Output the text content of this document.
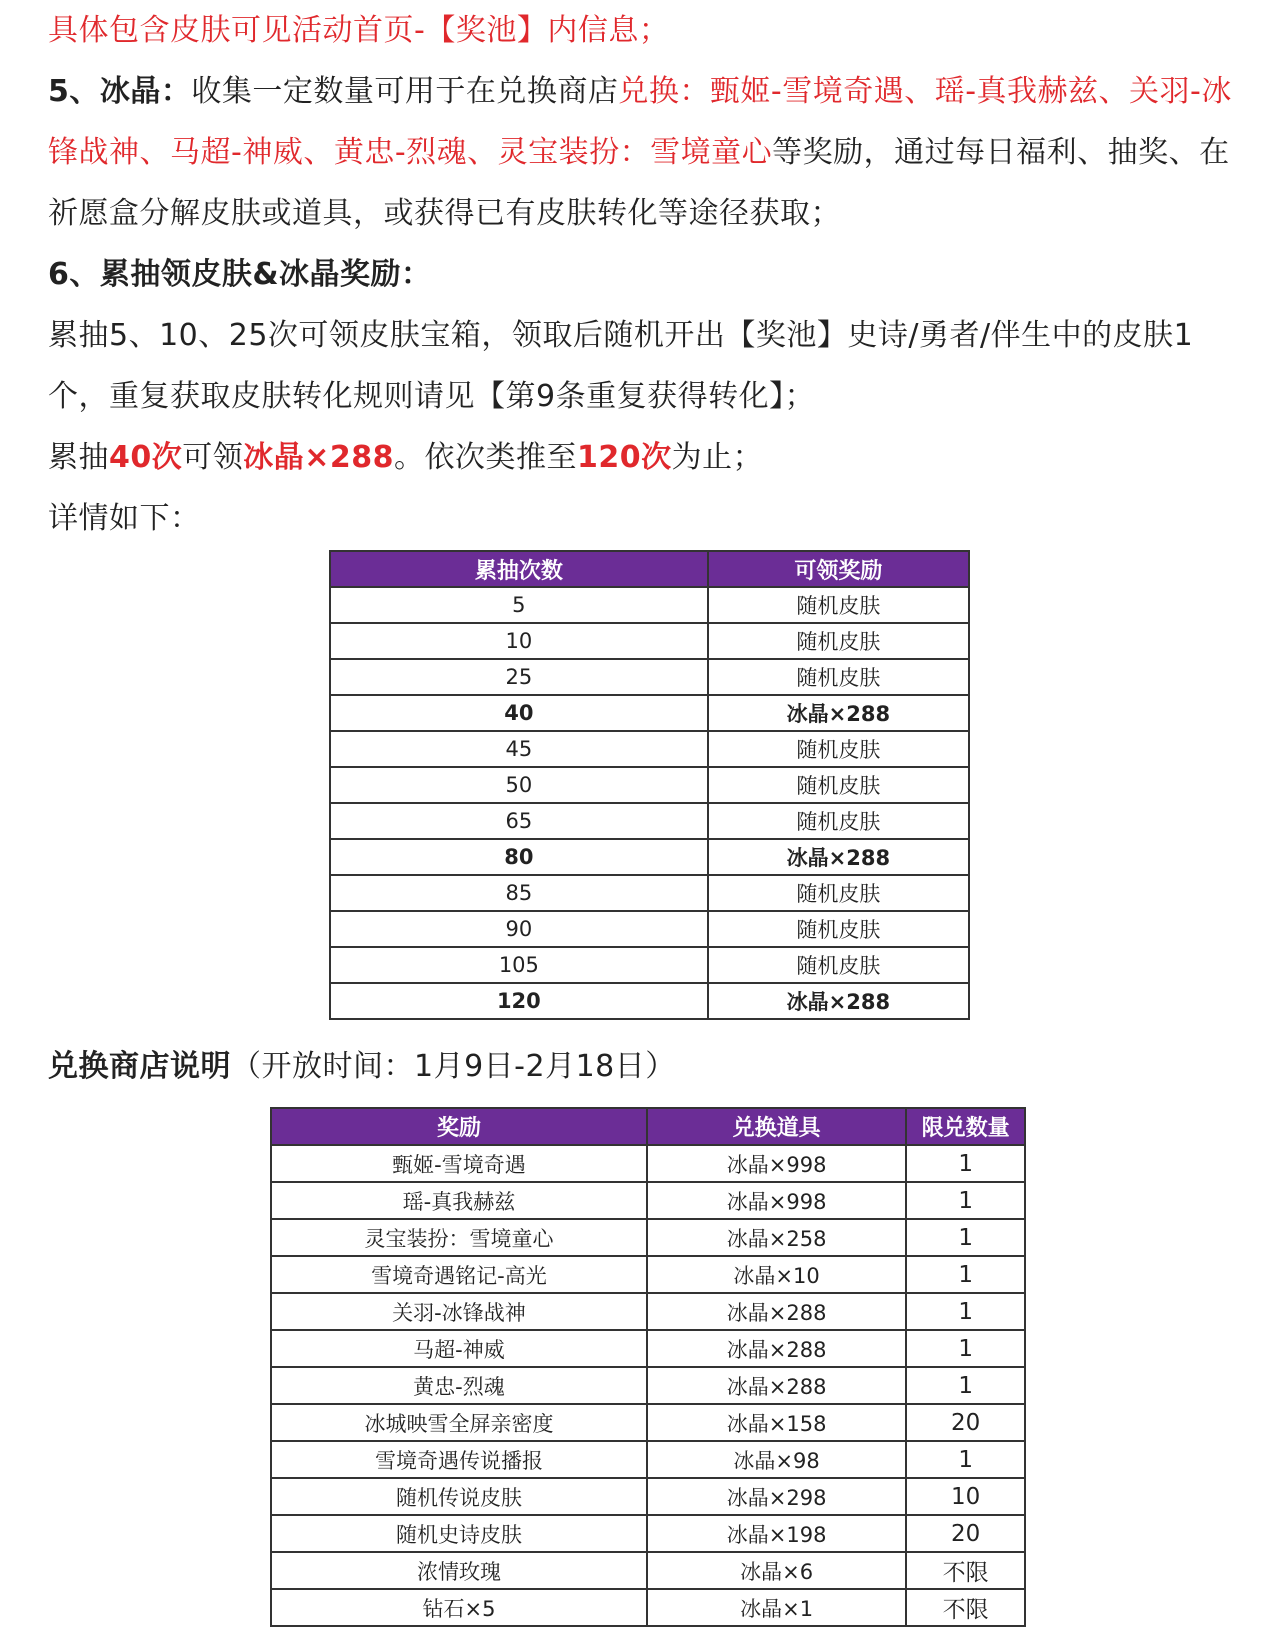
具体包含皮肤可见活动首页-【奖池】内信息；

5、冰晶：收集一定数量可用于在兑换商店兑换：甄姬-雪境奇遇、瑶-真我赫兹、关羽-冰锋战神、马超-神威、黄忠-烈魂、灵宝装扮：雪境童心等奖励，通过每日福利、抽奖、在祈愿盒分解皮肤或道具，或获得已有皮肤转化等途径获取；

6、累抽领皮肤&冰晶奖励：

累抽5、10、25次可领皮肤宝箱，领取后随机开出【奖池】史诗/勇者/伴生中的皮肤1个，重复获取皮肤转化规则请见【第9条重复获得转化】；

累抽40次可领冰晶×288。依次类推至120次为止；

详情如下：

累抽次数	可领奖励
5	随机皮肤
10	随机皮肤
25	随机皮肤
40	冰晶×288
45	随机皮肤
50	随机皮肤
65	随机皮肤
80	冰晶×288
85	随机皮肤
90	随机皮肤
105	随机皮肤
120	冰晶×288
兑换商店说明（开放时间：1月9日-2月18日）
奖励	兑换道具	限兑数量
甄姬-雪境奇遇	冰晶×998	1
瑶-真我赫兹	冰晶×998	1
灵宝装扮：雪境童心	冰晶×258	1
雪境奇遇铭记-高光	冰晶×10	1
关羽-冰锋战神	冰晶×288	1
马超-神威	冰晶×288	1
黄忠-烈魂	冰晶×288	1
冰城映雪全屏亲密度	冰晶×158	20
雪境奇遇传说播报	冰晶×98	1
随机传说皮肤	冰晶×298	10
随机史诗皮肤	冰晶×198	20
浓情玫瑰	冰晶×6	不限
钻石×5	冰晶×1	不限
